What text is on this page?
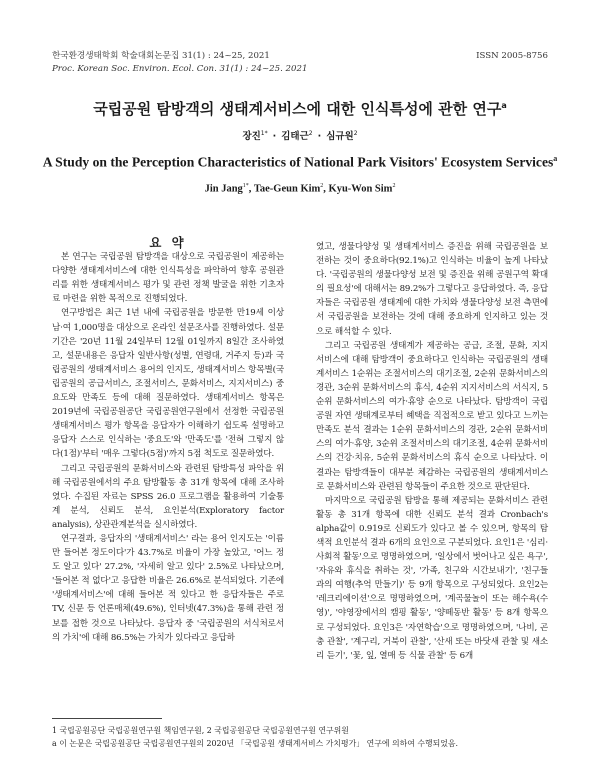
한국환경생태학회 학술대회논문집 31(1) : 24~25, 2021
Proc. Korean Soc. Environ. Ecol. Con. 31(1) : 24~25. 2021
ISSN 2005-8756
국립공원 탐방객의 생태계서비스에 대한 인식특성에 관한 연구$^a$
장진$^{1*}$ · 김태근$^2$ · 심규원$^2$
A Study on the Perception Characteristics of National Park Visitors' Ecosystem Services$^a$
Jin Jang$^{1*}$, Tae-Geun Kim$^2$, Kyu-Won Sim$^2$

요 약

본 연구는 국립공원 탐방객을 대상으로 국립공원이 제공하는 다양한 생태계서비스에 대한 인식특성을 파악하여 향후 공원관리를 위한 생태계서비스 평가 및 관련 정책 발굴을 위한 기초자료 마련을 위한 목적으로 진행되었다.

연구방법은 최근 1년 내에 국립공원을 방문한 만19세 이상 남·여 1,000명을 대상으로 온라인 설문조사를 진행하였다. 설문기간은 '20년 11월 24일부터 12월 01일까지 8일간 조사하였고, 설문내용은 응답자 일반사항(성별, 연령대, 거주지 등)과 국립공원의 생태계서비스 용어의 인지도, 생태계서비스 항목별(국립공원의 공급서비스, 조절서비스, 문화서비스, 지지서비스) 중요도와 만족도 등에 대해 질문하였다. 생태계서비스 항목은 2019년에 국립공원공단 국립공원연구원에서 선정한 국립공원 생태계서비스 평가 항목을 응답자가 이해하기 쉽도록 설명하고 응답자 스스로 인식하는 '중요도'와 '만족도'를 '전혀 그렇지 않다(1점)'부터 '매우 그렇다(5점)'까지 5점 척도로 질문하였다.

그리고 국립공원의 문화서비스와 관련된 탐방특성 파악을 위해 국립공원에서의 주요 탐방활동 총 31개 항목에 대해 조사하였다. 수집된 자료는 SPSS 26.0 프로그램을 활용하여 기술통계 분석, 신뢰도 분석, 요인분석(Exploratory factor analysis), 상관관계분석을 실시하였다.

연구결과, 응답자의 '생태계서비스' 라는 용어 인지도는 '이름만 들어본 정도이다'가 43.7%로 비율이 가장 높았고, '어느 정도 알고 있다' 27.2%, '자세히 알고 있다' 2.5%로 나타났으며, '들어본 적 없다'고 응답한 비율은 26.6%로 분석되었다. 기존에 '생태계서비스'에 대해 들어본 적 있다고 한 응답자들은 주로 TV, 신문 등 언론매체(49.6%), 인터넷(47.3%)을 통해 관련 정보를 접한 것으로 나타났다. 응답자 중 '국립공원의 서식처로서의 가치'에 대해 86.5%는 가치가 있다라고 응답하

였고, 생물다양성 및 생태계서비스 증진을 위해 국립공원을 보전하는 것이 중요하다(92.1%)고 인식하는 비율이 높게 나타났다. '국립공원의 생물다양성 보전 및 증진을 위해 공원구역 확대의 필요성'에 대해서는 89.2%가 그렇다고 응답하였다. 즉, 응답자들은 국립공원 생태계에 대한 가치와 생물다양성 보전 측면에서 국립공원을 보전하는 것에 대해 중요하게 인지하고 있는 것으로 해석할 수 있다.

그리고 국립공원 생태계가 제공하는 공급, 조절, 문화, 지지 서비스에 대해 탐방객이 중요하다고 인식하는 국립공원의 생태계서비스 1순위는 조절서비스의 대기조절, 2순위 문화서비스의 경관, 3순위 문화서비스의 휴식, 4순위 지지서비스의 서식지, 5순위 문화서비스의 여가·휴양 순으로 나타났다. 탐방객이 국립공원 자연 생태계로부터 혜택을 직접적으로 받고 있다고 느끼는 만족도 분석 결과는 1순위 문화서비스의 경관, 2순위 문화서비스의 여가·휴양, 3순위 조절서비스의 대기조절, 4순위 문화서비스의 건강·치유, 5순위 문화서비스의 휴식 순으로 나타났다. 이 결과는 탐방객들이 대부분 체감하는 국립공원의 생태계서비스로 문화서비스와 관련된 항목들이 주요한 것으로 판단된다.

마지막으로 국립공원 탐방을 통해 제공되는 문화서비스 관련 활동 총 31개 항목에 대한 신뢰도 분석 결과 Cronbach's alpha값이 0.919로 신뢰도가 있다고 볼 수 있으며, 항목의 탐색적 요인분석 결과 6개의 요인으로 구분되었다. 요인1은 '심리·사회적 활동'으로 명명하였으며, '일상에서 벗어나고 싶은 욕구', '자유와 휴식을 취하는 것', '가족, 친구와 시간보내기', '친구들과의 여행(추억 만들기)' 등 9개 항목으로 구성되었다. 요인2는 '레크리에이션'으로 명명하였으며, '계곡물놀이 또는 해수욕(수영)', '야영장에서의 캠핑 활동', '양떼동반 활동' 등 8개 항목으로 구성되었다. 요인3은 '자연학습'으로 명명하였으며, '나비, 곤충 관찰', '계구리, 거북이 관찰', '산새 또는 바닷새 관찰 및 새소리 듣기', '꽃, 잎, 열매 등 식물 관찰' 등 6개

1 국립공원공단 국립공원연구원 책임연구원, 2 국립공원공단 국립공원연구원 연구위원
a 이 논문은 국립공원공단 국립공원연구원의 2020년 「국립공원 생태계서비스 가치평가」 연구에 의하여 수행되었음.
